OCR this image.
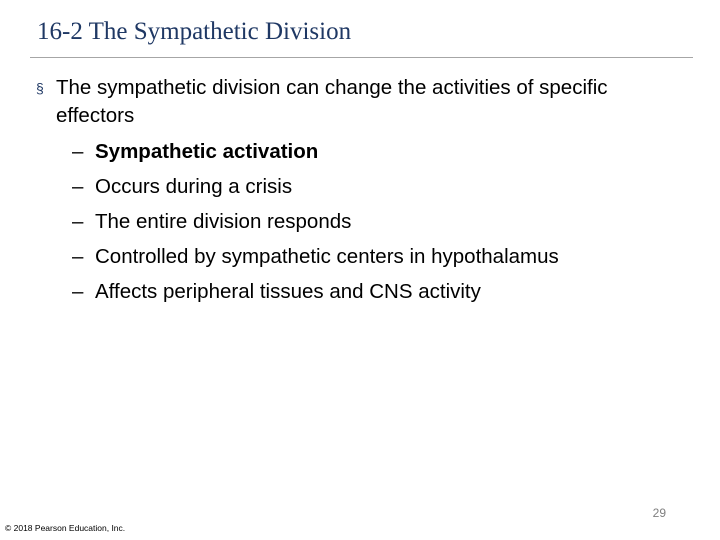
16-2 The Sympathetic Division
§ The sympathetic division can change the activities of specific effectors
– Sympathetic activation
– Occurs during a crisis
– The entire division responds
– Controlled by sympathetic centers in hypothalamus
– Affects peripheral tissues and CNS activity
29
© 2018 Pearson Education, Inc.
